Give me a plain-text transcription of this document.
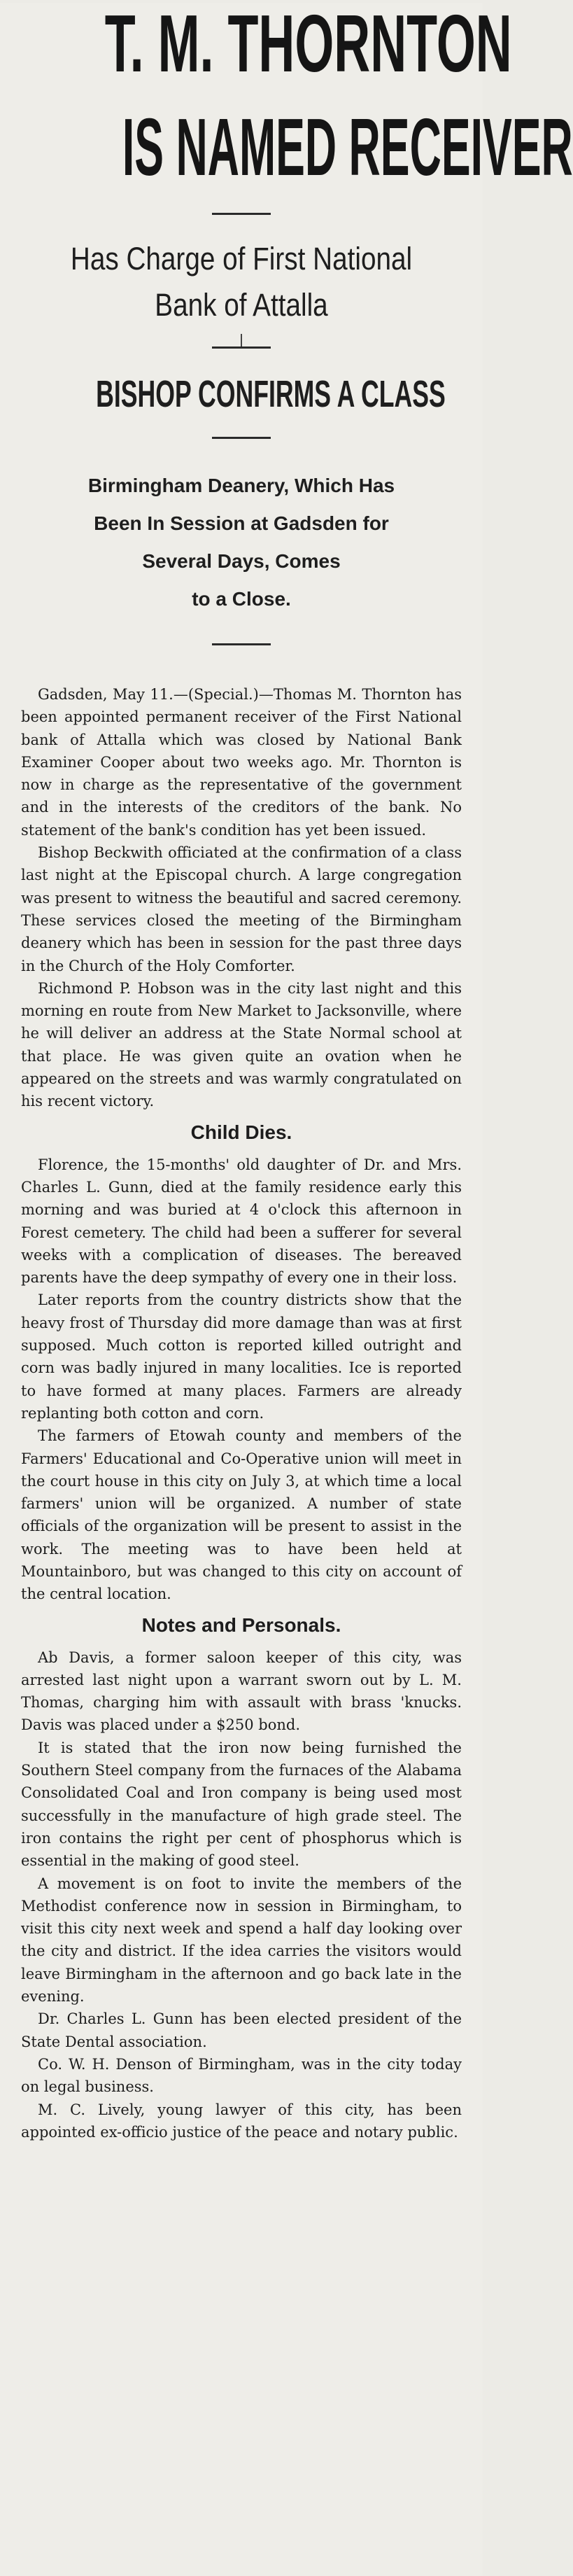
T. M. THORNTON
IS NAMED RECEIVER
Has Charge of First National
Bank of Attalla
BISHOP CONFIRMS A CLASS
Birmingham Deanery, Which Has
Been In Session at Gadsden for
Several Days, Comes
to a Close.

Gadsden, May 11.—(Special.)—Thomas M. Thornton has been appointed permanent receiver of the First National bank of Attalla which was closed by National Bank Examiner Cooper about two weeks ago. Mr. Thornton is now in charge as the representative of the government and in the interests of the creditors of the bank. No statement of the bank's condition has yet been issued.

Bishop Beckwith officiated at the confirmation of a class last night at the Episcopal church. A large congregation was present to witness the beautiful and sacred ceremony. These services closed the meeting of the Birmingham deanery which has been in session for the past three days in the Church of the Holy Comforter.

Richmond P. Hobson was in the city last night and this morning en route from New Market to Jacksonville, where he will deliver an address at the State Normal school at that place. He was given quite an ovation when he appeared on the streets and was warmly congratulated on his recent victory.

Child Dies.

Florence, the 15-months' old daughter of Dr. and Mrs. Charles L. Gunn, died at the family residence early this morning and was buried at 4 o'clock this afternoon in Forest cemetery. The child had been a sufferer for several weeks with a complication of diseases. The bereaved parents have the deep sympathy of every one in their loss.

Later reports from the country districts show that the heavy frost of Thursday did more damage than was at first supposed. Much cotton is reported killed outright and corn was badly injured in many localities. Ice is reported to have formed at many places. Farmers are already replanting both cotton and corn.

The farmers of Etowah county and members of the Farmers' Educational and Co-Operative union will meet in the court house in this city on July 3, at which time a local farmers' union will be organized. A number of state officials of the organization will be present to assist in the work. The meeting was to have been held at Mountainboro, but was changed to this city on account of the central location.

Notes and Personals.

Ab Davis, a former saloon keeper of this city, was arrested last night upon a warrant sworn out by L. M. Thomas, charging him with assault with brass 'knucks. Davis was placed under a $250 bond.

It is stated that the iron now being furnished the Southern Steel company from the furnaces of the Alabama Consolidated Coal and Iron company is being used most successfully in the manufacture of high grade steel. The iron contains the right per cent of phosphorus which is essential in the making of good steel.

A movement is on foot to invite the members of the Methodist conference now in session in Birmingham, to visit this city next week and spend a half day looking over the city and district. If the idea carries the visitors would leave Birmingham in the afternoon and go back late in the evening.

Dr. Charles L. Gunn has been elected president of the State Dental association.

Co. W. H. Denson of Birmingham, was in the city today on legal business.

M. C. Lively, young lawyer of this city, has been appointed ex-officio justice of the peace and notary public.
